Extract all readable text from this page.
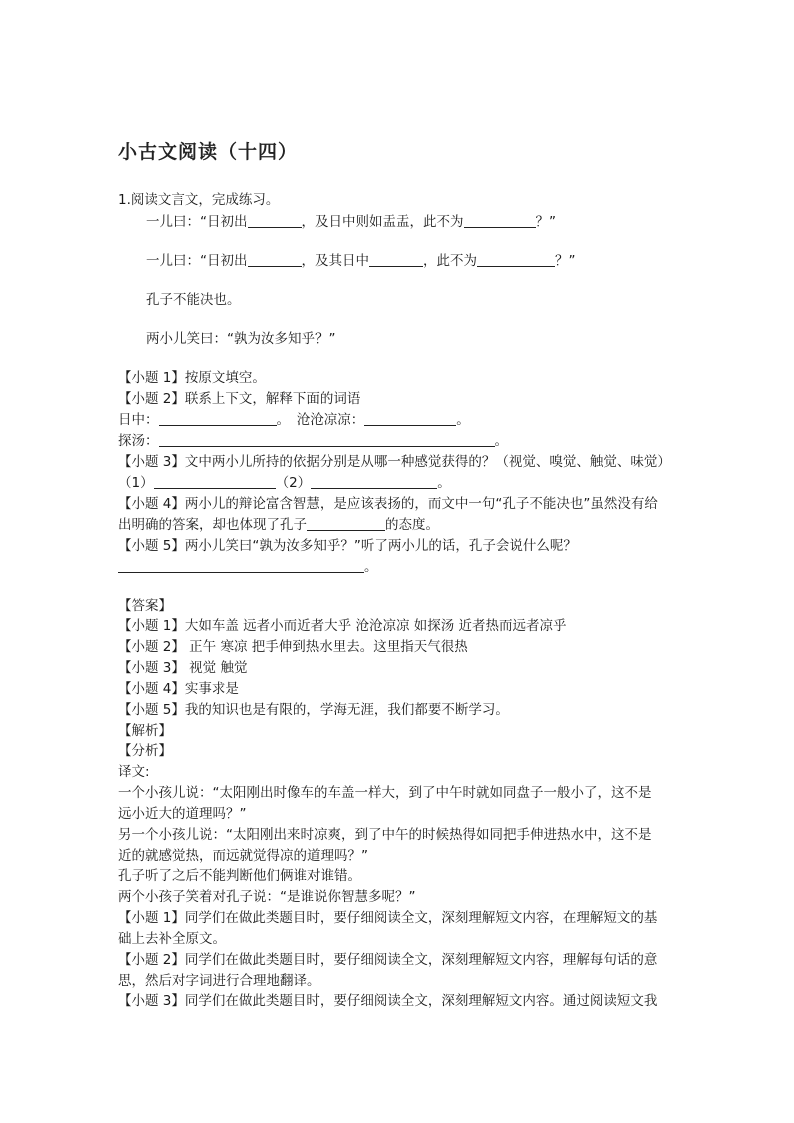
小古文阅读（十四）
1.阅读文言文，完成练习。
一儿曰：“日初出	，及日中则如盂盂，此不为	？”
一儿曰：“日初出	，及其日中	，此不为	？”
孔子不能决也。
两小儿笑曰：“孰为汝多知乎？”
【小题 1】按原文填空。
【小题 2】联系上下文，解释下面的词语
日中：	。　沧沧凉凉：	。
探汤：	。
【小题 3】文中两小儿所持的依据分别是从哪一种感觉获得的？（视觉、嗅觉、触觉、味觉）
（1）	（2）	。
【小题 4】两小儿的辩论富含智慧，是应该表扬的，而文中一句“孔子不能决也”虽然没有给
出明确的答案，却也体现了孔子	的态度。
【小题 5】两小儿笑曰“孰为汝多知乎？”听了两小儿的话，孔子会说什么呢？
。
【答案】
【小题 1】大如车盖 远者小而近者大乎 沧沧凉凉 如探汤 近者热而远者凉乎
【小题 2】 正午 寒凉 把手伸到热水里去。这里指天气很热
【小题 3】 视觉 触觉
【小题 4】实事求是
【小题 5】我的知识也是有限的，学海无涯，我们都要不断学习。
【解析】
【分析】
译文:
一个小孩儿说：“太阳刚出时像车的车盖一样大，到了中午时就如同盘子一般小了，这不是
远小近大的道理吗？”
另一个小孩儿说：“太阳刚出来时凉爽，到了中午的时候热得如同把手伸进热水中，这不是
近的就感觉热，而远就觉得凉的道理吗？”
孔子听了之后不能判断他们俩谁对谁错。
两个小孩子笑着对孔子说：“是谁说你智慧多呢？”
【小题 1】同学们在做此类题目时，要仔细阅读全文，深刻理解短文内容，在理解短文的基
础上去补全原文。
【小题 2】同学们在做此类题目时，要仔细阅读全文，深刻理解短文内容，理解每句话的意
思，然后对字词进行合理地翻译。
【小题 3】同学们在做此类题目时，要仔细阅读全文，深刻理解短文内容。通过阅读短文我
